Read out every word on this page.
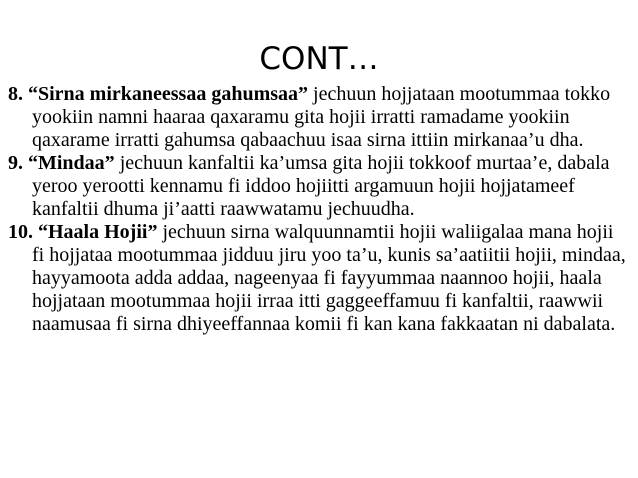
CONT…

8. “Sirna mirkaneessaa gahumsaa” jechuun hojjataan mootummaa tokko yookiin namni haaraa qaxaramu gita hojii irratti ramadame yookiin qaxarame irratti gahumsa qabaachuu isaa sirna ittiin mirkanaa’u dha.

9. “Mindaa” jechuun kanfaltii ka’umsa gita hojii tokkoof murtaa’e, dabala yeroo yerootti kennamu fi iddoo hojiitti argamuun hojii hojjatameef kanfaltii dhuma ji’aatti raawwatamu jechuudha.

10. “Haala Hojii” jechuun sirna walquunnamtii hojii waliigalaa mana hojii fi hojjataa mootummaa jidduu jiru yoo ta’u, kunis sa’aatiitii hojii, mindaa, hayyamoota adda addaa, nageenyaa fi fayyummaa naannoo hojii, haala hojjataan mootummaa hojii irraa itti gaggeeffamuu fi kanfaltii, raawwii naamusaa fi sirna dhiyeeffannaa komii fi kan kana fakkaatan ni dabalata.
